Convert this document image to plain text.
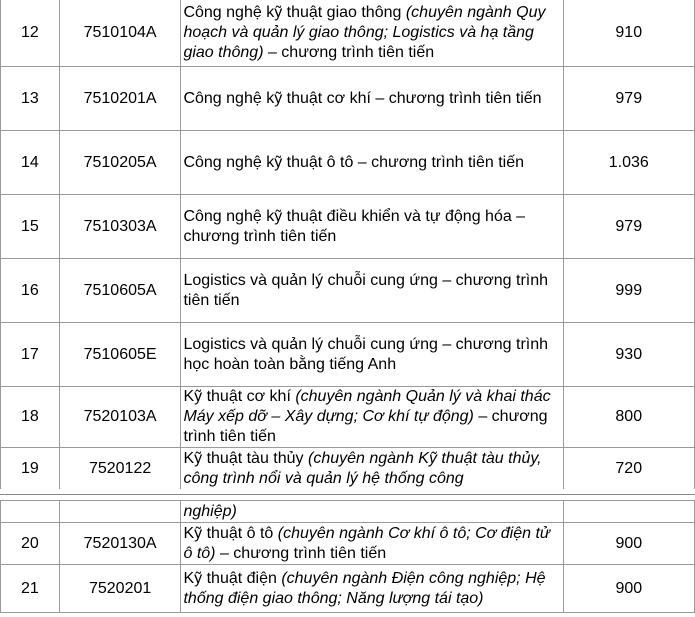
12	7510104A	Công nghệ kỹ thuật giao thông (chuyên ngành Quy hoạch và quản lý giao thông; Logistics và hạ tầng giao thông) – chương trình tiên tiến	910
13	7510201A	Công nghệ kỹ thuật cơ khí – chương trình tiên tiến	979
14	7510205A	Công nghệ kỹ thuật ô tô – chương trình tiên tiến	1.036
15	7510303A	Công nghệ kỹ thuật điều khiển và tự động hóa – chương trình tiên tiến	979
16	7510605A	Logistics và quản lý chuỗi cung ứng – chương trình tiên tiến	999
17	7510605E	Logistics và quản lý chuỗi cung ứng – chương trình học hoàn toàn bằng tiếng Anh	930
18	7520103A	Kỹ thuật cơ khí (chuyên ngành Quản lý và khai thác Máy xếp dỡ – Xây dựng; Cơ khí tự động) – chương trình tiên tiến	800
19	7520122	Kỹ thuật tàu thủy (chuyên ngành Kỹ thuật tàu thủy, công trình nổi và quản lý hệ thống công	720

		nghiệp)	

20	7520130A	Kỹ thuật ô tô (chuyên ngành Cơ khí ô tô; Cơ điện tử ô tô) – chương trình tiên tiến	900
21	7520201	Kỹ thuật điện (chuyên ngành Điện công nghiệp; Hệ thống điện giao thông; Năng lượng tái tạo)	900
